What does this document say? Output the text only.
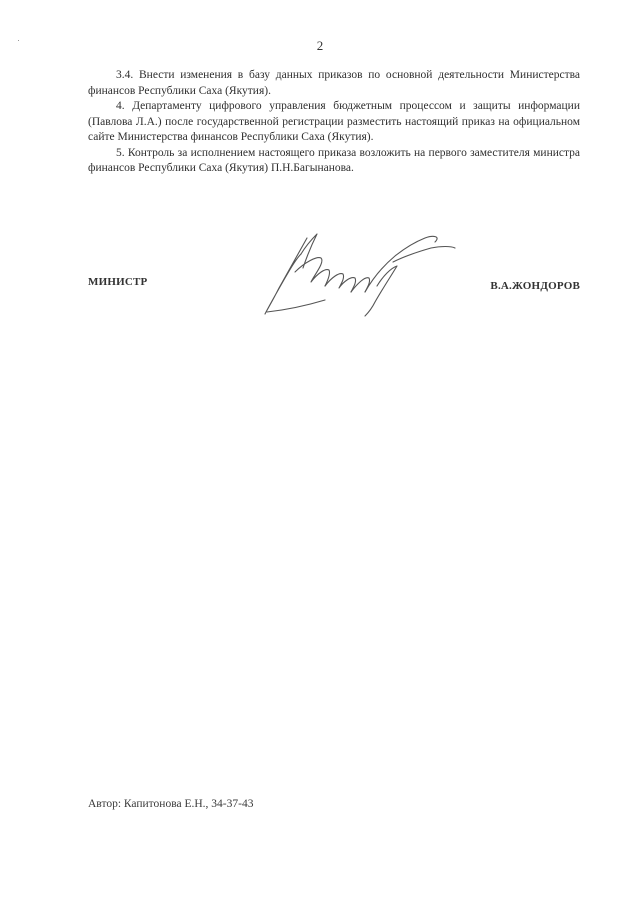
2

3.4. Внести изменения в базу данных приказов по основной деятельности Министерства финансов Республики Саха (Якутия).

4. Департаменту цифрового управления бюджетным процессом и защиты информации (Павлова Л.А.) после государственной регистрации разместить настоящий приказ на официальном сайте Министерства финансов Республики Саха (Якутия).

5. Контроль за исполнением настоящего приказа возложить на первого заместителя министра финансов Республики Саха (Якутия) П.Н.Багынанова.

МИНИСТР	В.А.ЖОНДОРОВ
Автор: Капитонова Е.Н., 34-37-43
